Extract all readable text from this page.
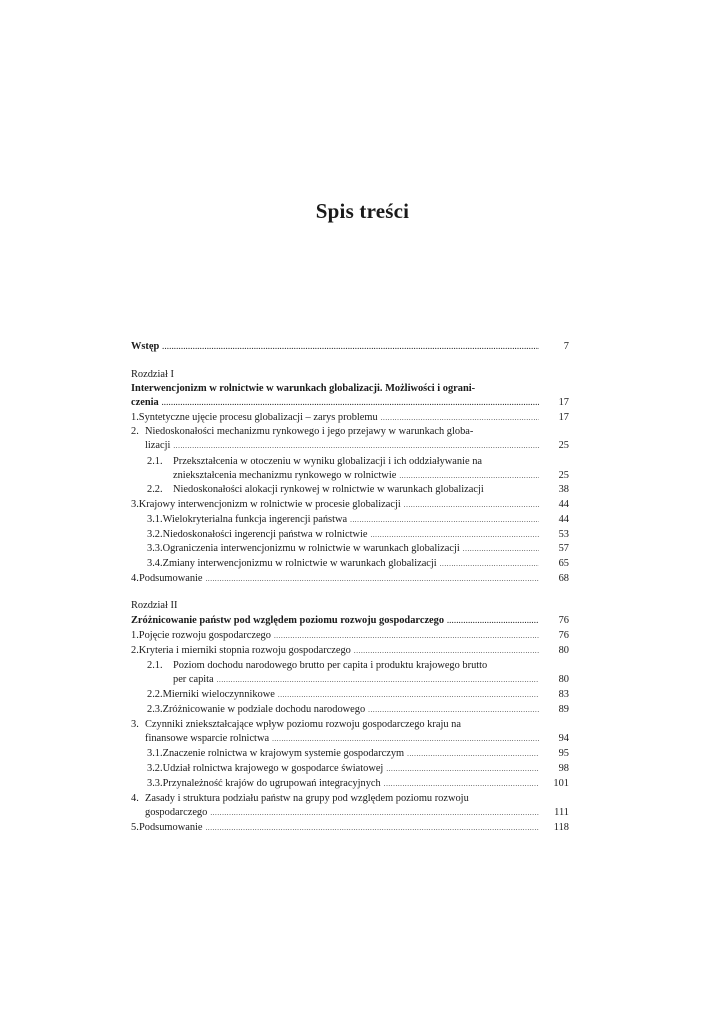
Spis treści
Wstęp .....	7
Rozdział I
Interwencjonizm w rolnictwie w warunkach globalizacji. Możliwości i ograni-
czenia .....	17
1. Syntetyczne ujęcie procesu globalizacji – zarys problemu .....	17
2. Niedoskonałości mechanizmu rynkowego i jego przejawy w warunkach globa-
lizacji .....	25
2.1.	Przekształcenia w otoczeniu w wyniku globalizacji i ich oddziaływanie na
zniekształcenia mechanizmu rynkowego w rolnictwie .....	25
2.2.	Niedoskonałości alokacji rynkowej w rolnictwie w warunkach globalizacji	38
3. Krajowy interwencjonizm w rolnictwie w procesie globalizacji .....	44
3.1. Wielokryterialna funkcja ingerencji państwa .....	44
3.2. Niedoskonałości ingerencji państwa w rolnictwie .....	53
3.3. Ograniczenia interwencjonizmu w rolnictwie w warunkach globalizacji .....	57
3.4. Zmiany interwencjonizmu w rolnictwie w warunkach globalizacji .....	65
4. Podsumowanie .....	68
Rozdział II
Zróżnicowanie państw pod względem poziomu rozwoju gospodarczego .....	76
1. Pojęcie rozwoju gospodarczego .....	76
2. Kryteria i mierniki stopnia rozwoju gospodarczego .....	80
2.1.	Poziom dochodu narodowego brutto per capita i produktu krajowego brutto
per capita .....	80
2.2. Mierniki wieloczynnikowe .....	83
2.3. Zróżnicowanie w podziale dochodu narodowego .....	89
3. Czynniki zniekształcające wpływ poziomu rozwoju gospodarczego kraju na
finansowe wsparcie rolnictwa .....	94
3.1. Znaczenie rolnictwa w krajowym systemie gospodarczym .....	95
3.2. Udział rolnictwa krajowego w gospodarce światowej .....	98
3.3. Przynależność krajów do ugrupowań integracyjnych .....	101
4. Zasady i struktura podziału państw na grupy pod względem poziomu rozwoju
gospodarczego .....	111
5. Podsumowanie .....	118
